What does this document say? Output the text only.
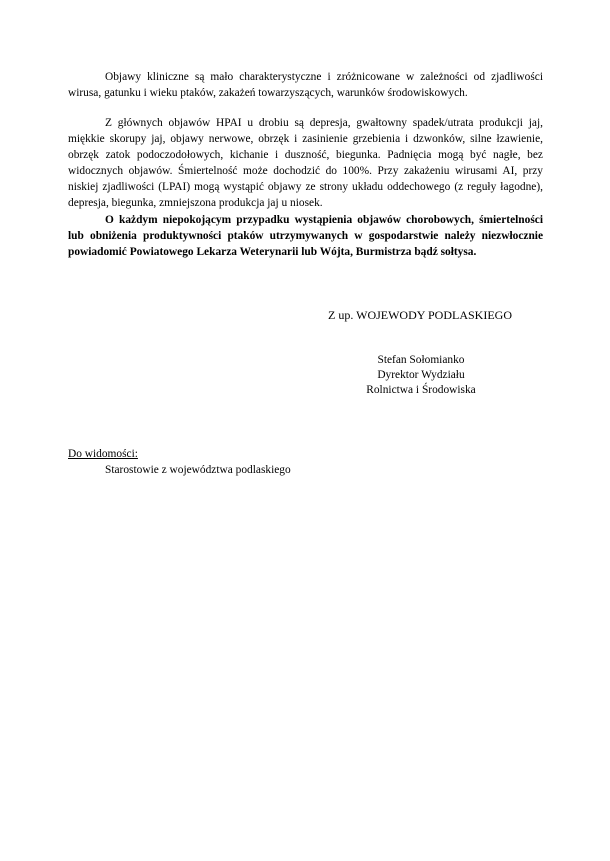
Objawy kliniczne są mało charakterystyczne i zróżnicowane w zależności od zjadliwości wirusa, gatunku i wieku ptaków, zakażeń towarzyszących, warunków środowiskowych.

Z głównych objawów HPAI u drobiu są depresja, gwałtowny spadek/utrata produkcji jaj, miękkie skorupy jaj, objawy nerwowe, obrzęk i zasinienie grzebienia i dzwonków, silne łzawienie, obrzęk zatok podoczodołowych, kichanie i duszność, biegunka. Padnięcia mogą być nagłe, bez widocznych objawów. Śmiertelność może dochodzić do 100%. Przy zakażeniu wirusami AI, przy niskiej zjadliwości (LPAI) mogą wystąpić objawy ze strony układu oddechowego (z reguły łagodne), depresja, biegunka, zmniejszona produkcja jaj u niosek.

O każdym niepokojącym przypadku wystąpienia objawów chorobowych, śmiertelności lub obniżenia produktywności ptaków utrzymywanych w gospodarstwie należy niezwłocznie powiadomić Powiatowego Lekarza Weterynarii lub Wójta, Burmistrza bądź sołtysa.

Z up. WOJEWODY PODLASKIEGO
Stefan Sołomianko
Dyrektor Wydziału
Rolnictwa i Środowiska
Do widomości:
Starostowie z województwa podlaskiego
